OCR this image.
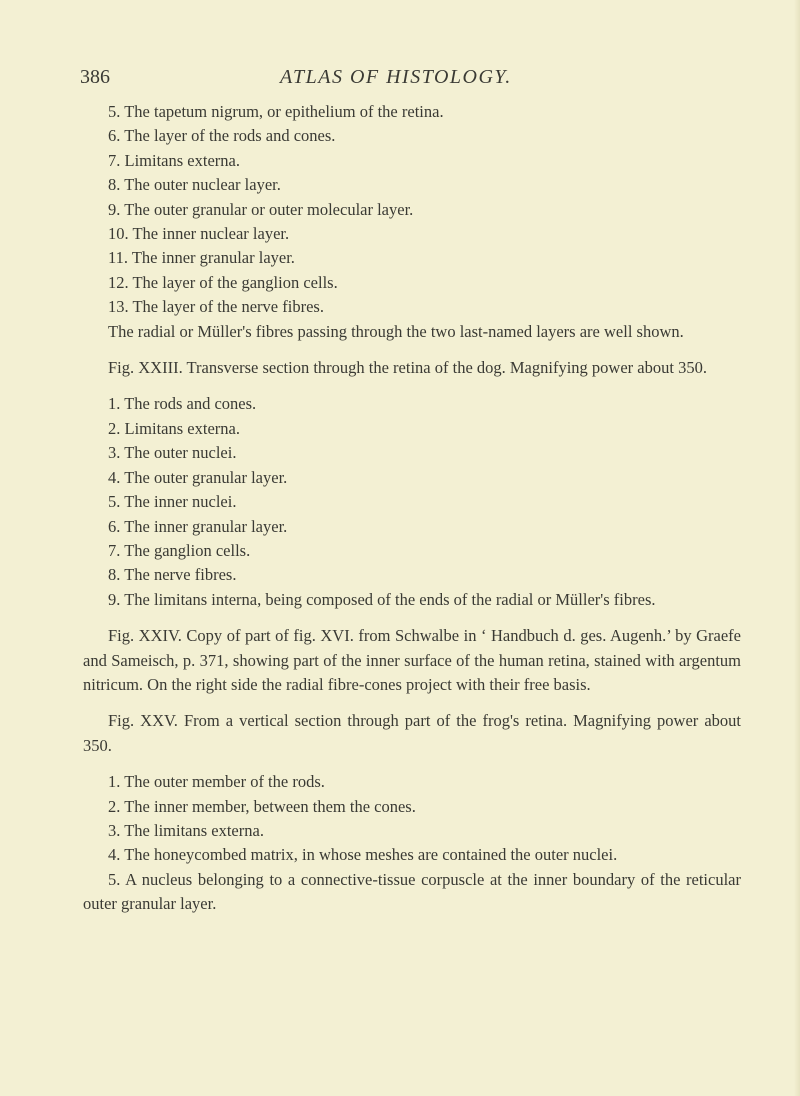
386	ATLAS OF HISTOLOGY.

5. The tapetum nigrum, or epithelium of the retina.

6. The layer of the rods and cones.

7. Limitans externa.

8. The outer nuclear layer.

9. The outer granular or outer molecular layer.

10. The inner nuclear layer.

11. The inner granular layer.

12. The layer of the ganglion cells.

13. The layer of the nerve fibres.

The radial or Müller's fibres passing through the two last-named layers are well shown.

Fig. XXIII. Transverse section through the retina of the dog. Magnifying power about 350.

1. The rods and cones.

2. Limitans externa.

3. The outer nuclei.

4. The outer granular layer.

5. The inner nuclei.

6. The inner granular layer.

7. The ganglion cells.

8. The nerve fibres.

9. The limitans interna, being composed of the ends of the radial or Müller's fibres.

Fig. XXIV. Copy of part of fig. XVI. from Schwalbe in ‘ Handbuch d. ges. Augenh.’ by Graefe and Sameisch, p. 371, showing part of the inner surface of the human retina, stained with argentum nitricum. On the right side the radial fibre-cones project with their free basis.

Fig. XXV. From a vertical section through part of the frog's retina. Magnifying power about 350.

1. The outer member of the rods.

2. The inner member, between them the cones.

3. The limitans externa.

4. The honeycombed matrix, in whose meshes are contained the outer nuclei.

5. A nucleus belonging to a connective-tissue corpuscle at the inner boundary of the reticular outer granular layer.
